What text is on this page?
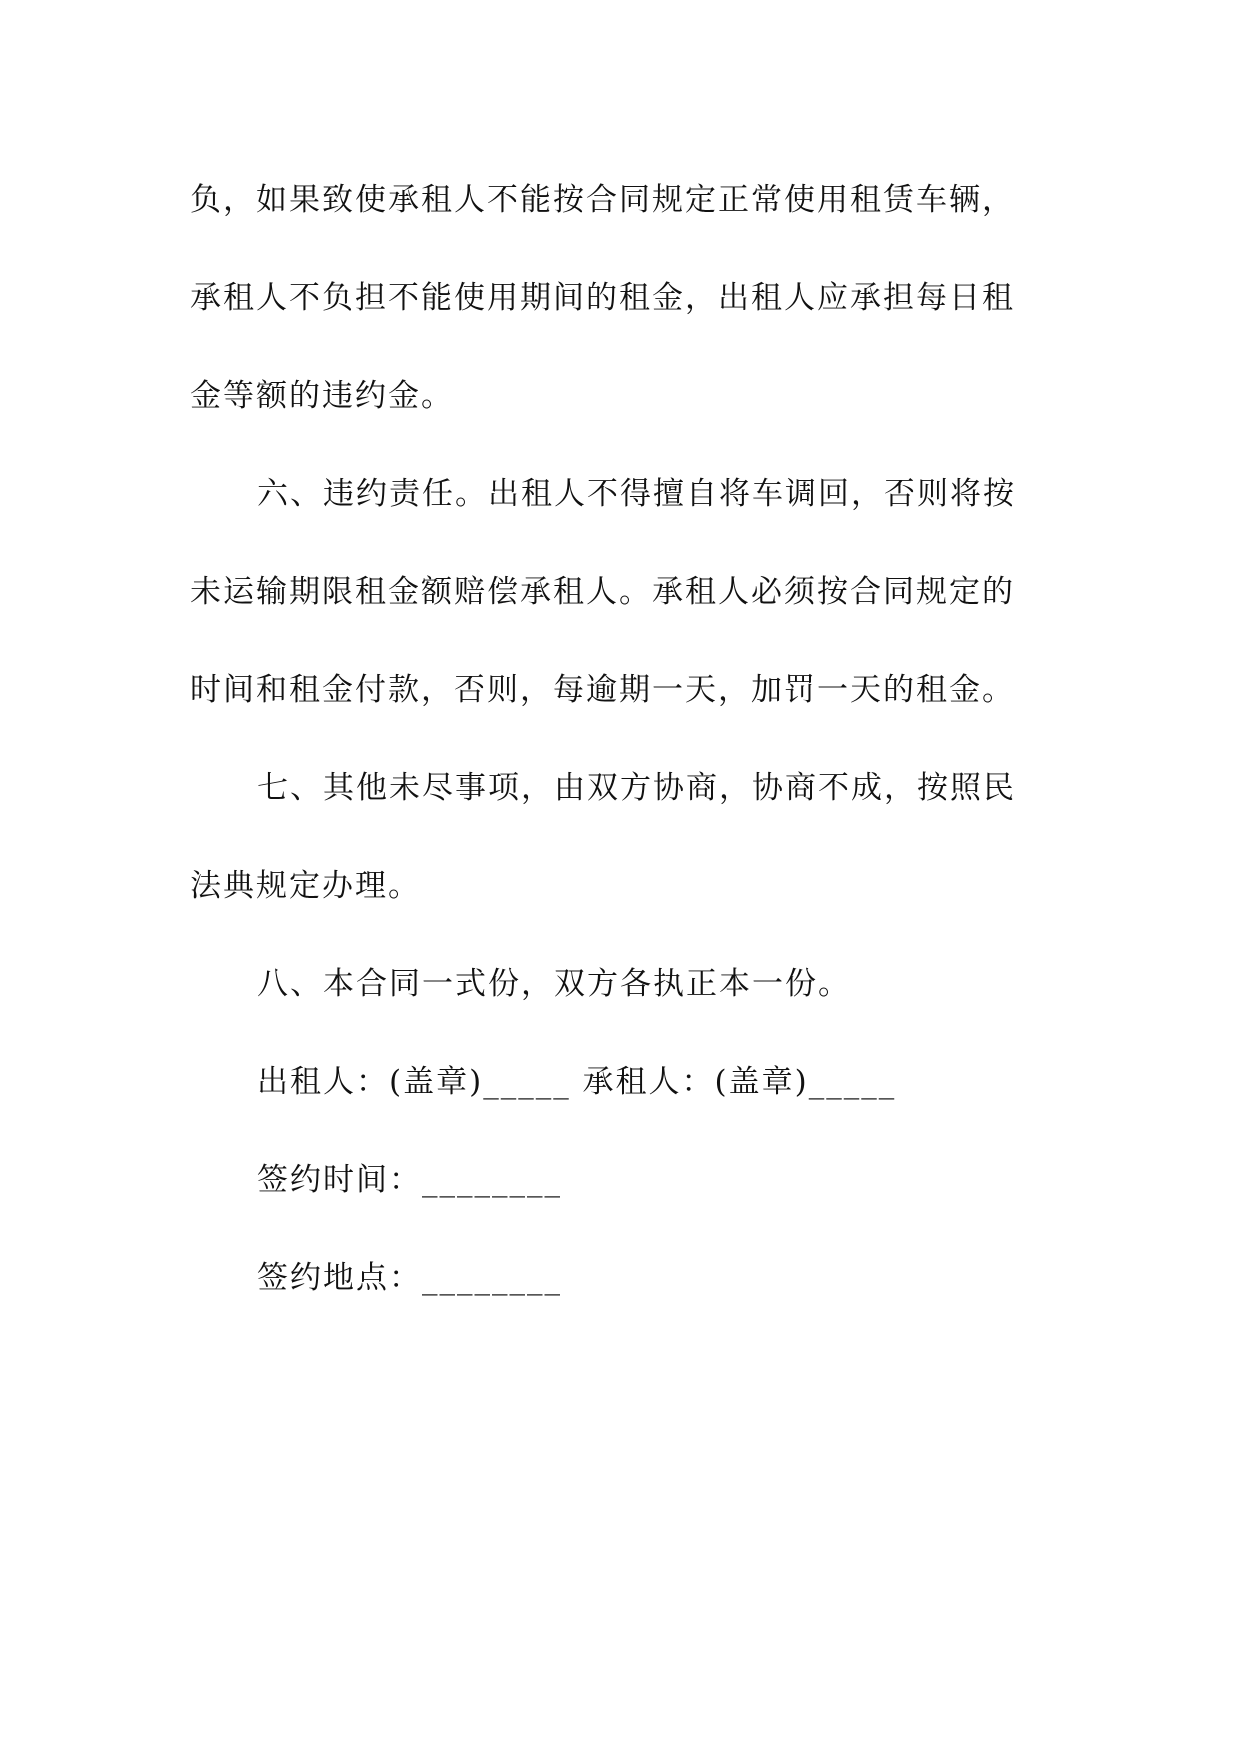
负，如果致使承租人不能按合同规定正常使用租赁车辆，
承租人不负担不能使用期间的租金，出租人应承担每日租
金等额的违约金。
六、违约责任。出租人不得擅自将车调回，否则将按
未运输期限租金额赔偿承租人。承租人必须按合同规定的
时间和租金付款，否则，每逾期一天，加罚一天的租金。
七、其他未尽事项，由双方协商，协商不成，按照民
法典规定办理。
八、本合同一式份，双方各执正本一份。
出租人：(盖章)_____ 承租人：(盖章)_____
签约时间：________
签约地点：________
